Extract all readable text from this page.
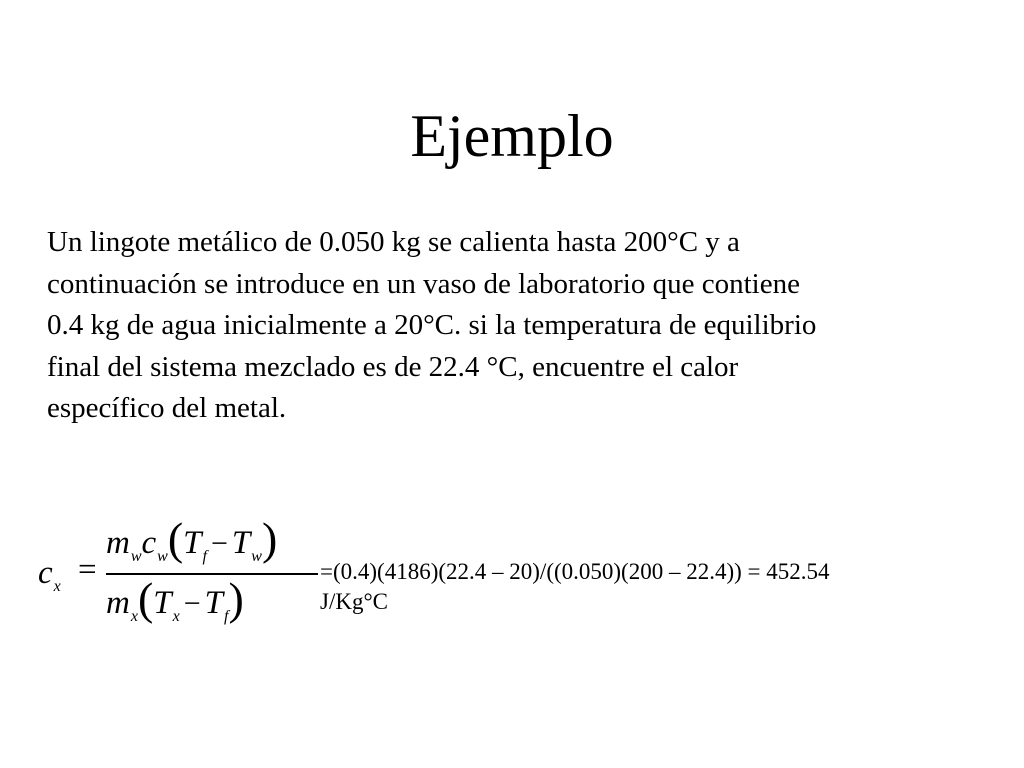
Ejemplo

Un lingote metálico de 0.050 kg se calienta hasta 200°C y a
continuación se introduce en un vaso de laboratorio que contiene
0.4 kg de agua inicialmente a 20°C. si la temperatura de equilibrio
final del sistema mezclado es de 22.4 °C, encuentre el calor
específico del metal.

cx =
mwcw(Tf − Tw)
mx(Tx − Tf)

=(0.4)(4186)(22.4 – 20)/((0.050)(200 – 22.4)) = 452.54
J/Kg°C
